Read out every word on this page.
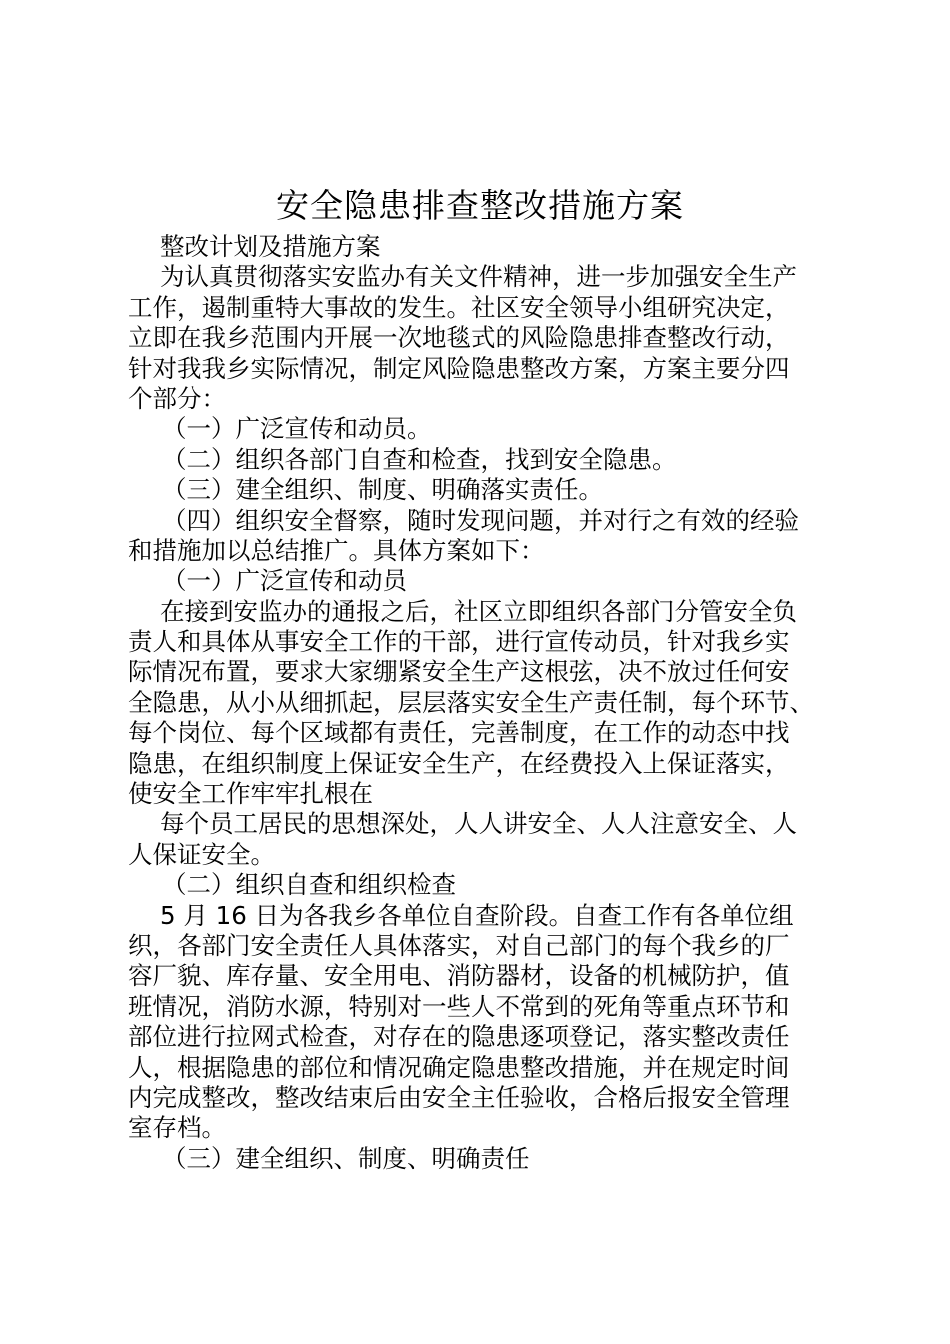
安全隐患排查整改措施方案
整改计划及措施方案
为认真贯彻落实安监办有关文件精神，进一步加强安全生产
工作，遏制重特大事故的发生。社区安全领导小组研究决定，
立即在我乡范围内开展一次地毯式的风险隐患排查整改行动，
针对我我乡实际情况，制定风险隐患整改方案，方案主要分四
个部分：
（一）广泛宣传和动员。
（二）组织各部门自查和检查，找到安全隐患。
（三）建全组织、制度、明确落实责任。
（四）组织安全督察，随时发现问题，并对行之有效的经验
和措施加以总结推广。具体方案如下：
（一）广泛宣传和动员
在接到安监办的通报之后，社区立即组织各部门分管安全负
责人和具体从事安全工作的干部，进行宣传动员，针对我乡实
际情况布置，要求大家绷紧安全生产这根弦，决不放过任何安
全隐患，从小从细抓起，层层落实安全生产责任制，每个环节、
每个岗位、每个区域都有责任，完善制度，在工作的动态中找
隐患，在组织制度上保证安全生产，在经费投入上保证落实，
使安全工作牢牢扎根在
每个员工居民的思想深处，人人讲安全、人人注意安全、人
人保证安全。
（二）组织自查和组织检查
5 月 16 日为各我乡各单位自查阶段。自查工作有各单位组
织，各部门安全责任人具体落实，对自己部门的每个我乡的厂
容厂貌、库存量、安全用电、消防器材，设备的机械防护，值
班情况，消防水源，特别对一些人不常到的死角等重点环节和
部位进行拉网式检查，对存在的隐患逐项登记，落实整改责任
人，根据隐患的部位和情况确定隐患整改措施，并在规定时间
内完成整改，整改结束后由安全主任验收，合格后报安全管理
室存档。
（三）建全组织、制度、明确责任
